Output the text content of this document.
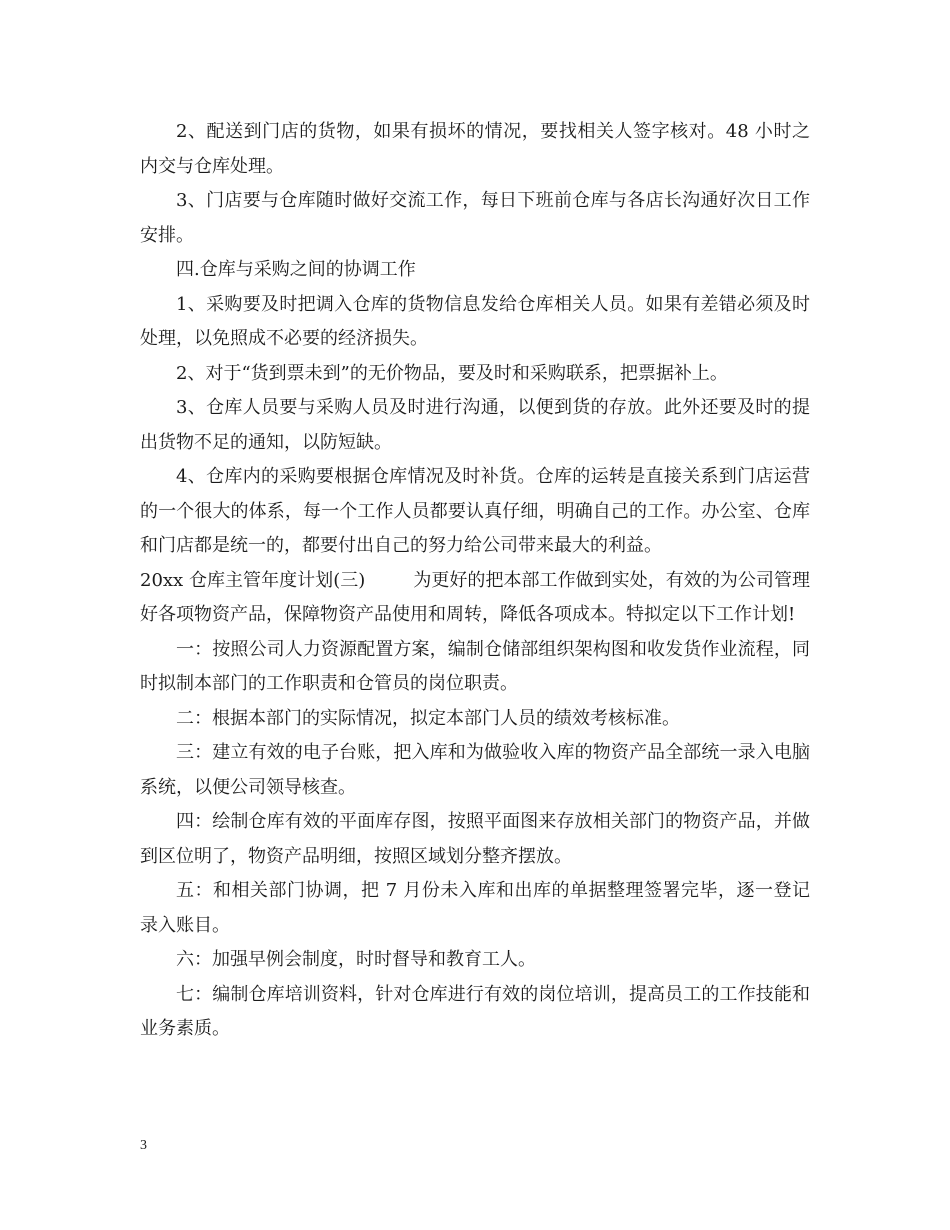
2、配送到门店的货物，如果有损坏的情况，要找相关人签字核对。48 小时之内交与仓库处理。

3、门店要与仓库随时做好交流工作，每日下班前仓库与各店长沟通好次日工作安排。

四.仓库与采购之间的协调工作

1、采购要及时把调入仓库的货物信息发给仓库相关人员。如果有差错必须及时处理，以免照成不必要的经济损失。

2、对于“货到票未到”的无价物品，要及时和采购联系，把票据补上。

3、仓库人员要与采购人员及时进行沟通，以便到货的存放。此外还要及时的提出货物不足的通知，以防短缺。

4、仓库内的采购要根据仓库情况及时补货。仓库的运转是直接关系到门店运营的一个很大的体系，每一个工作人员都要认真仔细，明确自己的工作。办公室、仓库和门店都是统一的，都要付出自己的努力给公司带来最大的利益。

20xx 仓库主管年度计划(三)	为更好的把本部工作做到实处，有效的为公司管理好各项物资产品，保障物资产品使用和周转，降低各项成本。特拟定以下工作计划!

一：按照公司人力资源配置方案，编制仓储部组织架构图和收发货作业流程，同时拟制本部门的工作职责和仓管员的岗位职责。

二：根据本部门的实际情况，拟定本部门人员的绩效考核标准。

三：建立有效的电子台账，把入库和为做验收入库的物资产品全部统一录入电脑系统，以便公司领导核查。

四：绘制仓库有效的平面库存图，按照平面图来存放相关部门的物资产品，并做到区位明了，物资产品明细，按照区域划分整齐摆放。

五：和相关部门协调，把 7 月份未入库和出库的单据整理签署完毕，逐一登记录入账目。

六：加强早例会制度，时时督导和教育工人。

七：编制仓库培训资料，针对仓库进行有效的岗位培训，提高员工的工作技能和业务素质。

3
